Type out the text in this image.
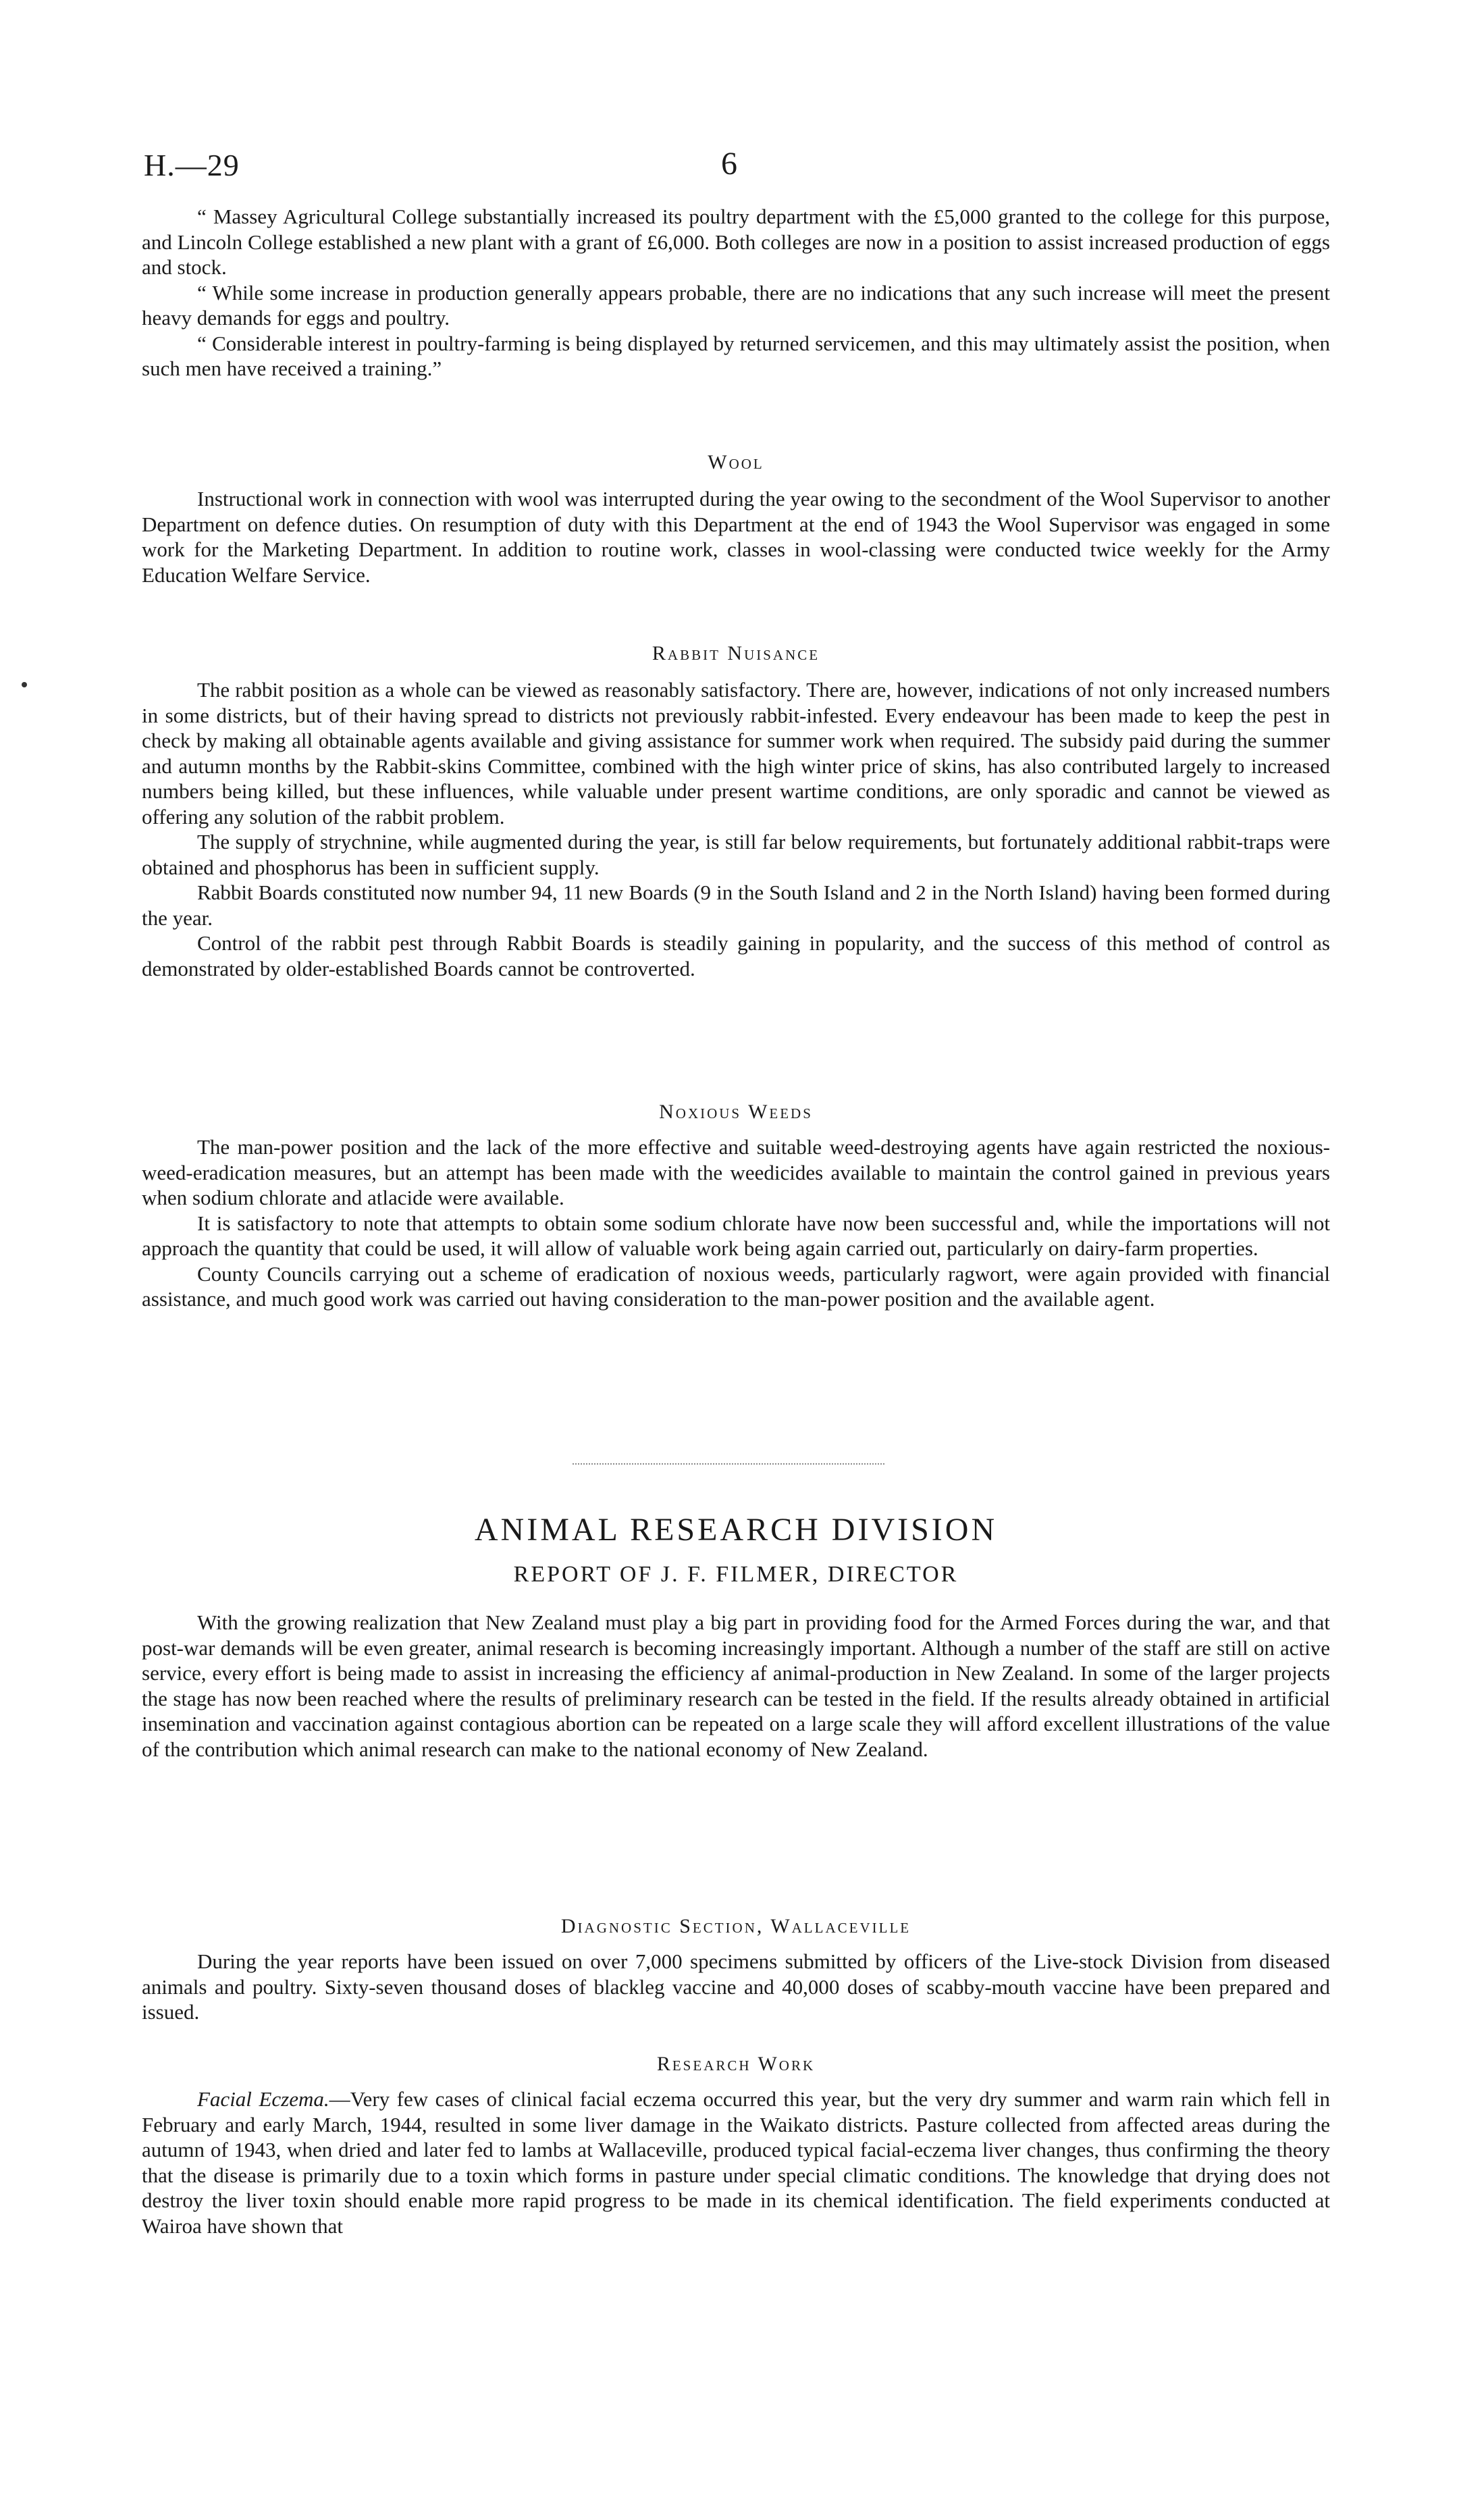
H.—29	6

“ Massey Agricultural College substantially increased its poultry department with the £5,000 granted to the college for this purpose, and Lincoln College established a new plant with a grant of £6,000. Both colleges are now in a position to assist increased production of eggs and stock.

“ While some increase in production generally appears probable, there are no indications that any such increase will meet the present heavy demands for eggs and poultry.

“ Considerable interest in poultry-farming is being displayed by returned servicemen, and this may ultimately assist the position, when such men have received a training.”

Wool

Instructional work in connection with wool was interrupted during the year owing to the secondment of the Wool Supervisor to another Department on defence duties. On resumption of duty with this Department at the end of 1943 the Wool Supervisor was engaged in some work for the Marketing Department. In addition to routine work, classes in wool-classing were conducted twice weekly for the Army Education Welfare Service.

Rabbit Nuisance

The rabbit position as a whole can be viewed as reasonably satisfactory. There are, however, indications of not only increased numbers in some districts, but of their having spread to districts not previously rabbit-infested. Every endeavour has been made to keep the pest in check by making all obtainable agents available and giving assistance for summer work when required. The subsidy paid during the summer and autumn months by the Rabbit-skins Committee, combined with the high winter price of skins, has also contributed largely to increased numbers being killed, but these influences, while valuable under present wartime conditions, are only sporadic and cannot be viewed as offering any solution of the rabbit problem.

The supply of strychnine, while augmented during the year, is still far below requirements, but fortunately additional rabbit-traps were obtained and phosphorus has been in sufficient supply.

Rabbit Boards constituted now number 94, 11 new Boards (9 in the South Island and 2 in the North Island) having been formed during the year.

Control of the rabbit pest through Rabbit Boards is steadily gaining in popularity, and the success of this method of control as demonstrated by older-established Boards cannot be controverted.

Noxious Weeds

The man-power position and the lack of the more effective and suitable weed-destroying agents have again restricted the noxious-weed-eradication measures, but an attempt has been made with the weedicides available to maintain the control gained in previous years when sodium chlorate and atlacide were available.

It is satisfactory to note that attempts to obtain some sodium chlorate have now been successful and, while the importations will not approach the quantity that could be used, it will allow of valuable work being again carried out, particularly on dairy-farm properties.

County Councils carrying out a scheme of eradication of noxious weeds, particularly ragwort, were again provided with financial assistance, and much good work was carried out having consideration to the man-power position and the available agent.

ANIMAL RESEARCH DIVISION
REPORT OF J. F. FILMER, DIRECTOR

With the growing realization that New Zealand must play a big part in providing food for the Armed Forces during the war, and that post-war demands will be even greater, animal research is becoming increasingly important. Although a number of the staff are still on active service, every effort is being made to assist in increasing the efficiency af animal-production in New Zealand. In some of the larger projects the stage has now been reached where the results of preliminary research can be tested in the field. If the results already obtained in artificial insemination and vaccination against contagious abortion can be repeated on a large scale they will afford excellent illustrations of the value of the contribution which animal research can make to the national economy of New Zealand.

Diagnostic Section, Wallaceville

During the year reports have been issued on over 7,000 specimens submitted by officers of the Live-stock Division from diseased animals and poultry. Sixty-seven thousand doses of blackleg vaccine and 40,000 doses of scabby-mouth vaccine have been prepared and issued.

Research Work

Facial Eczema.—Very few cases of clinical facial eczema occurred this year, but the very dry summer and warm rain which fell in February and early March, 1944, resulted in some liver damage in the Waikato districts. Pasture collected from affected areas during the autumn of 1943, when dried and later fed to lambs at Wallaceville, produced typical facial-eczema liver changes, thus confirming the theory that the disease is primarily due to a toxin which forms in pasture under special climatic conditions. The knowledge that drying does not destroy the liver toxin should enable more rapid progress to be made in its chemical identification. The field experiments conducted at Wairoa have shown that
